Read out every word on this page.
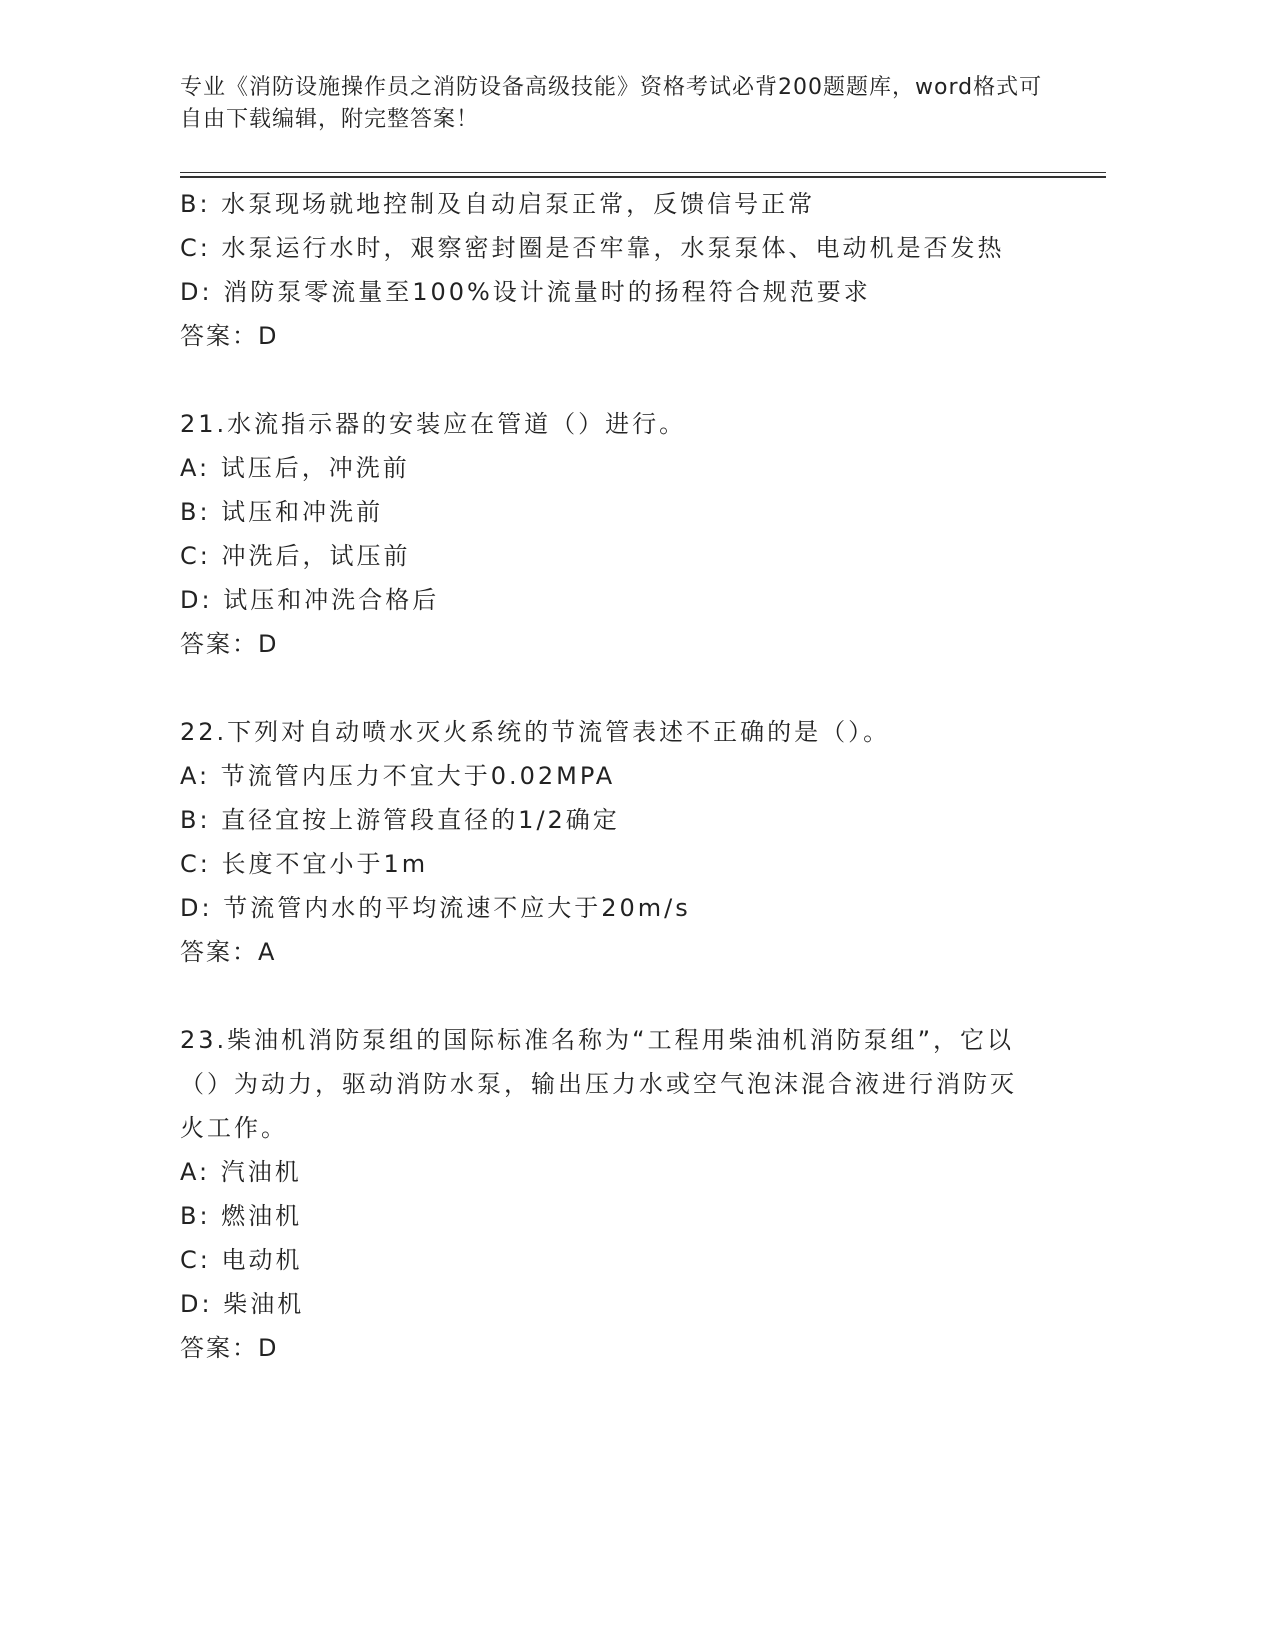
专业《消防设施操作员之消防设备高级技能》资格考试必背200题题库，word格式可自由下载编辑，附完整答案！
B: 水泵现场就地控制及自动启泵正常，反馈信号正常
C: 水泵运行水时，艰察密封圈是否牢靠，水泵泵体、电动机是否发热
D: 消防泵零流量至100%设计流量时的扬程符合规范要求
答案：D
21.水流指示器的安装应在管道（）进行。
A: 试压后，冲洗前
B: 试压和冲洗前
C: 冲洗后，试压前
D: 试压和冲洗合格后
答案：D
22.下列对自动喷水灭火系统的节流管表述不正确的是（）。
A: 节流管内压力不宜大于0.02MPA
B: 直径宜按上游管段直径的1/2确定
C: 长度不宜小于1m
D: 节流管内水的平均流速不应大于20m/s
答案：A
23.柴油机消防泵组的国际标准名称为“工程用柴油机消防泵组”，它以（）为动力，驱动消防水泵，输出压力水或空气泡沫混合液进行消防灭火工作。
A: 汽油机
B: 燃油机
C: 电动机
D: 柴油机
答案：D
